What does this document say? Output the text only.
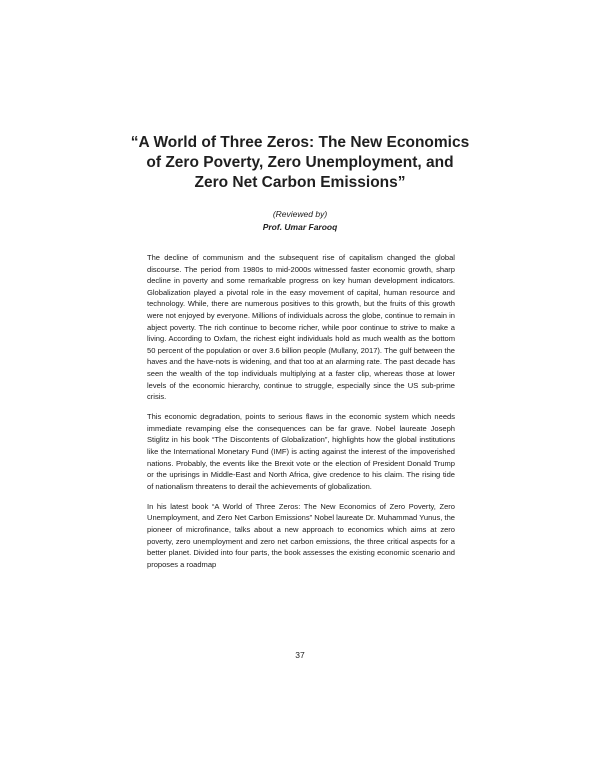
“A World of Three Zeros: The New Economics
of Zero Poverty, Zero Unemployment, and
Zero Net Carbon Emissions”
(Reviewed by)
Prof. Umar Farooq

The decline of communism and the subsequent rise of capitalism changed the global discourse. The period from 1980s to mid-2000s witnessed faster economic growth, sharp decline in poverty and some remarkable progress on key human development indicators. Globalization played a pivotal role in the easy movement of capital, human resource and technology. While, there are numerous positives to this growth, but the fruits of this growth were not enjoyed by everyone. Millions of individuals across the globe, continue to remain in abject poverty. The rich continue to become richer, while poor continue to strive to make a living. According to Oxfam, the richest eight individuals hold as much wealth as the bottom 50 percent of the population or over 3.6 billion people (Mullany, 2017). The gulf between the haves and the have-nots is widening, and that too at an alarming rate. The past decade has seen the wealth of the top individuals multiplying at a faster clip, whereas those at lower levels of the economic hierarchy, continue to struggle, especially since the US sub-prime crisis.

This economic degradation, points to serious flaws in the economic system which needs immediate revamping else the consequences can be far grave. Nobel laureate Joseph Stiglitz in his book “The Discontents of Globalization”, highlights how the global institutions like the International Monetary Fund (IMF) is acting against the interest of the impoverished nations. Probably, the events like the Brexit vote or the election of President Donald Trump or the uprisings in Middle-East and North Africa, give credence to his claim. The rising tide of nationalism threatens to derail the achievements of globalization.

In his latest book “A World of Three Zeros: The New Economics of Zero Poverty, Zero Unemployment, and Zero Net Carbon Emissions” Nobel laureate Dr. Muhammad Yunus, the pioneer of microfinance, talks about a new approach to economics which aims at zero poverty, zero unemployment and zero net carbon emissions, the three critical aspects for a better planet. Divided into four parts, the book assesses the existing economic scenario and proposes a roadmap

37
